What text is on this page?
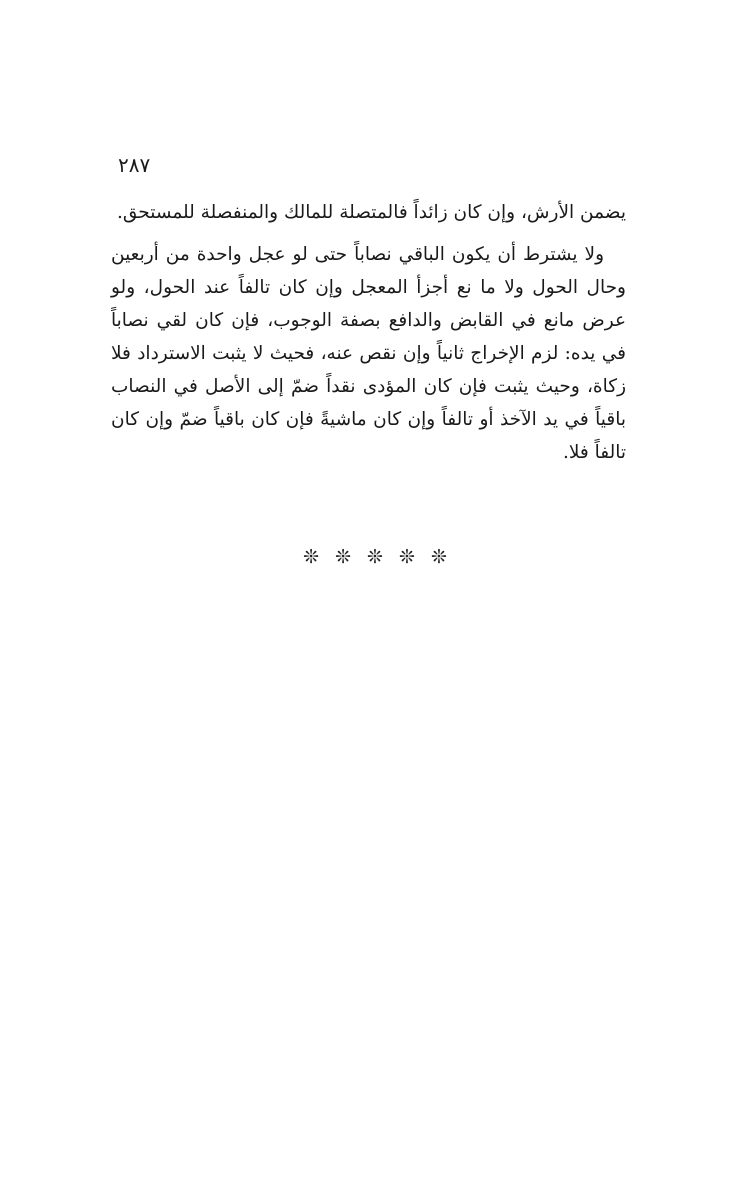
٢٨٧

يضمن الأرش، وإن كان زائداً فالمتصلة للمالك والمنفصلة للمستحق.

ولا يشترط أن يكون الباقي نصاباً حتى لو عجل واحدة من أربعين وحال الحول ولا ما نع أجزأ المعجل وإن كان تالفاً عند الحول، ولو عرض مانع في القابض والدافع بصفة الوجوب، فإن كان لقي نصاباً في يده: لزم الإخراج ثانياً وإن نقص عنه، فحيث لا يثبت الاسترداد فلا زكاة، وحيث يثبت فإن كان المؤدى نقداً ضمّ إلى الأصل في النصاب باقياً في يد الآخذ أو تالفاً وإن كان ماشيةً فإن كان باقياً ضمّ وإن كان تالفاً فلا.

❊ ❊ ❊ ❊ ❊
